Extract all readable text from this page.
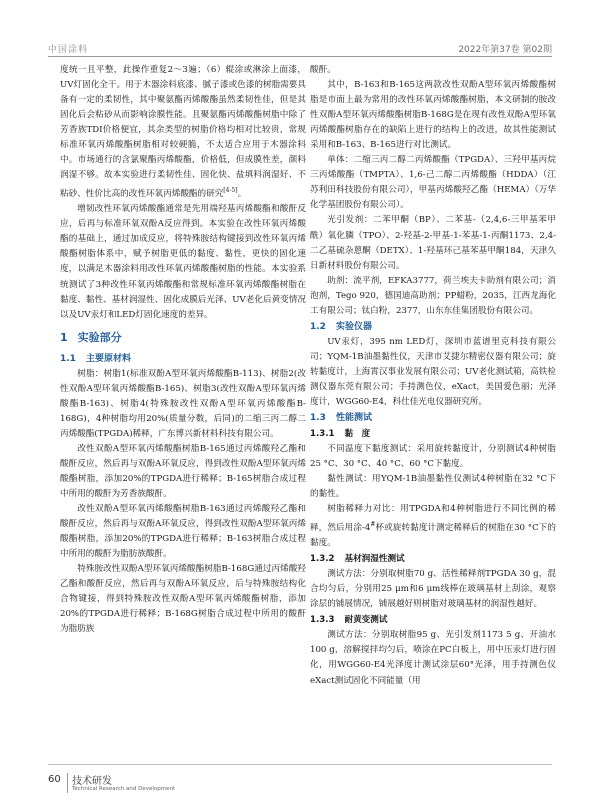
中国涂料	2022年第37卷 第02期

度统一且平整，此操作重复2～3遍；（6）辊涂或淋涂上面漆，UV灯固化全干。用于木器涂料底漆、腻子漆或色漆的树脂需要具备有一定的柔韧性，其中聚氨酯丙烯酸酯虽然柔韧性佳，但是其固化后会粘砂从而影响涂膜性能。且聚氨酯丙烯酸酯树脂中除了芳香族TDI价格便宜，其余类型的树脂价格均相对比较贵，常规标准环氧丙烯酸酯树脂相对较硬脆，不太适合应用于木器涂料中。市场通行的含氯聚酯丙烯酸酯，价格低，但成膜性差，颜料润湿不够。故本实验进行柔韧性佳、固化快、盐填料润湿好、不粘砂、性价比高的改性环氧丙烯酸酯的研究[4-5]。

增韧改性环氧丙烯酸酯通常是先用端羟基丙烯酸酯和酸酐反应，后再与标准环氧双酚A反应得到。本实验在改性环氧丙烯酸酯的基础上，通过加成反应，将特殊胺结构键接到改性环氧丙烯酸酯树脂体系中，赋予树脂更低的黏度、黏性，更快的固化速度，以满足木器涂料用改性环氧丙烯酸酯树脂的性能。本实验系统测试了3种改性环氧丙烯酸酯和常规标准环氧丙烯酸酯树脂在黏度、黏性、基材润湿性、固化成膜后光泽、UV老化后黄变情况以及UV汞灯和LED灯固化速度的差异。

1 实验部分
1.1 主要原材料

树脂：树脂1(标准双酚A型环氧丙烯酸酯B-113)、树脂2(改性双酚A型环氧丙烯酸酯B-165)、树脂3(改性双酚A型环氧丙烯酸酯B-163)、树脂4(特殊胺改性双酚A型环氧丙烯酸酯B-168G)，4种树脂均用20%(质量分数，后同)的二缩三丙二醇二丙烯酸酯(TPGDA)稀释，广东博兴新材料科技有限公司。

改性双酚A型环氧丙烯酸酯树脂B-165通过丙烯酸羟乙酯和酸酐反应，然后再与双酚A环氧反应，得到改性双酚A型环氧丙烯酸酯树脂，添加20%的TPGDA进行稀释；B-165树脂合成过程中所用的酸酐为芳香族酸酐。

改性双酚A型环氧丙烯酸酯树脂B-163通过丙烯酸羟乙酯和酸酐反应，然后再与双酚A环氧反应，得到改性双酚A型环氧丙烯酸酯树脂，添加20%的TPGDA进行稀释；B-163树脂合成过程中所用的酸酐为脂肪族酸酐。

特殊胺改性双酚A型环氧丙烯酸酯树脂B-168G通过丙烯酸羟乙酯和酸酐反应，然后再与双酚A环氧反应，后与特殊胺结构化合物键接，得到特殊胺改性双酚A型环氧丙烯酸酯树脂，添加20%的TPGDA进行稀释；B-168G树脂合成过程中所用的酸酐为脂肪族

酸酐。

其中，B-163和B-165这两款改性双酚A型环氧丙烯酸酯树脂是市面上最为常用的改性环氧丙烯酸酯树脂，本文研制的胺改性双酚A型环氧丙烯酸酯树脂B-168G是在现有改性双酚A型环氧丙烯酸酯树脂存在的缺陷上进行的结构上的改进，故其性能测试采用和B-163、B-165进行对比测试。

单体：二缩三丙二醇二丙烯酸酯（TPGDA）、三羟甲基丙烷三丙烯酸酯（TMPTA）、1,6-己二醇二丙烯酸酯（HDDA）（江苏利田科技股份有限公司），甲基丙烯酸羟乙酯（HEMA）（万华化学基团股份有限公司）。

光引发剂：二苯甲酮（BP）、二苯基-（2,4,6-三甲基苯甲酰）氧化膦（TPO）、2-羟基-2-甲基-1-苯基-1-丙酮1173、2,4-二乙基硫杂蒽酮（DETX）、1-羟基环己基苯基甲酮184，天津久日新材料股份有限公司。

助剂：流平剂，EFKA3777，荷兰埃夫卡助剂有限公司；消泡剂，Tego 920，德国迪高助剂；PP蜡粉，2035，江西龙海化工有限公司；钛白粉，2377，山东东佳集团股份有限公司。

1.2 实验仪器

UV汞灯，395 nm LED灯，深圳市蓝谱里克科技有限公司；YQM-1B油墨黏性仪，天津市艾捷尔精密仪器有限公司；旋转黏度计，上海霄汉事业发展有限公司；UV老化测试箱，高铁检测仪器东莞有限公司；手持测色仪，eXact，美国爱色丽；光泽度计，WGG60-E4，科仕佳光电仪器研究所。

1.3 性能测试
1.3.1 黏　度

不同温度下黏度测试：采用旋转黏度计，分别测试4种树脂25 °C、30 °C、40 °C、60 °C下黏度。

黏性测试：用YQM-1B油墨黏性仪测试4种树脂在32 °C下的黏性。

树脂稀释力对比：用TPGDA和4种树脂进行不同比例的稀释，然后用涂-4#杯或旋转黏度计测定稀释后的树脂在30 °C下的黏度。

1.3.2 基材润湿性测试

测试方法：分别取树脂70 g、活性稀释剂TPGDA 30 g，混合均匀后，分别用25 μm和6 μm线棒在玻璃基材上刮涂，观察涂层的铺展情况，铺展越好则树脂对玻璃基材的润湿性越好。

1.3.3 耐黄变测试

测试方法：分别取树脂95 g、光引发剂1173 5 g、开油水100 g，溶解搅拌均匀后，喷涂在PC白板上，用中压汞灯进行固化，用WGG60-E4光泽度计测试涂层60°光泽，用手持测色仪eXact测试固化不同能量（用

60 技术研发
Technical Research and Development
